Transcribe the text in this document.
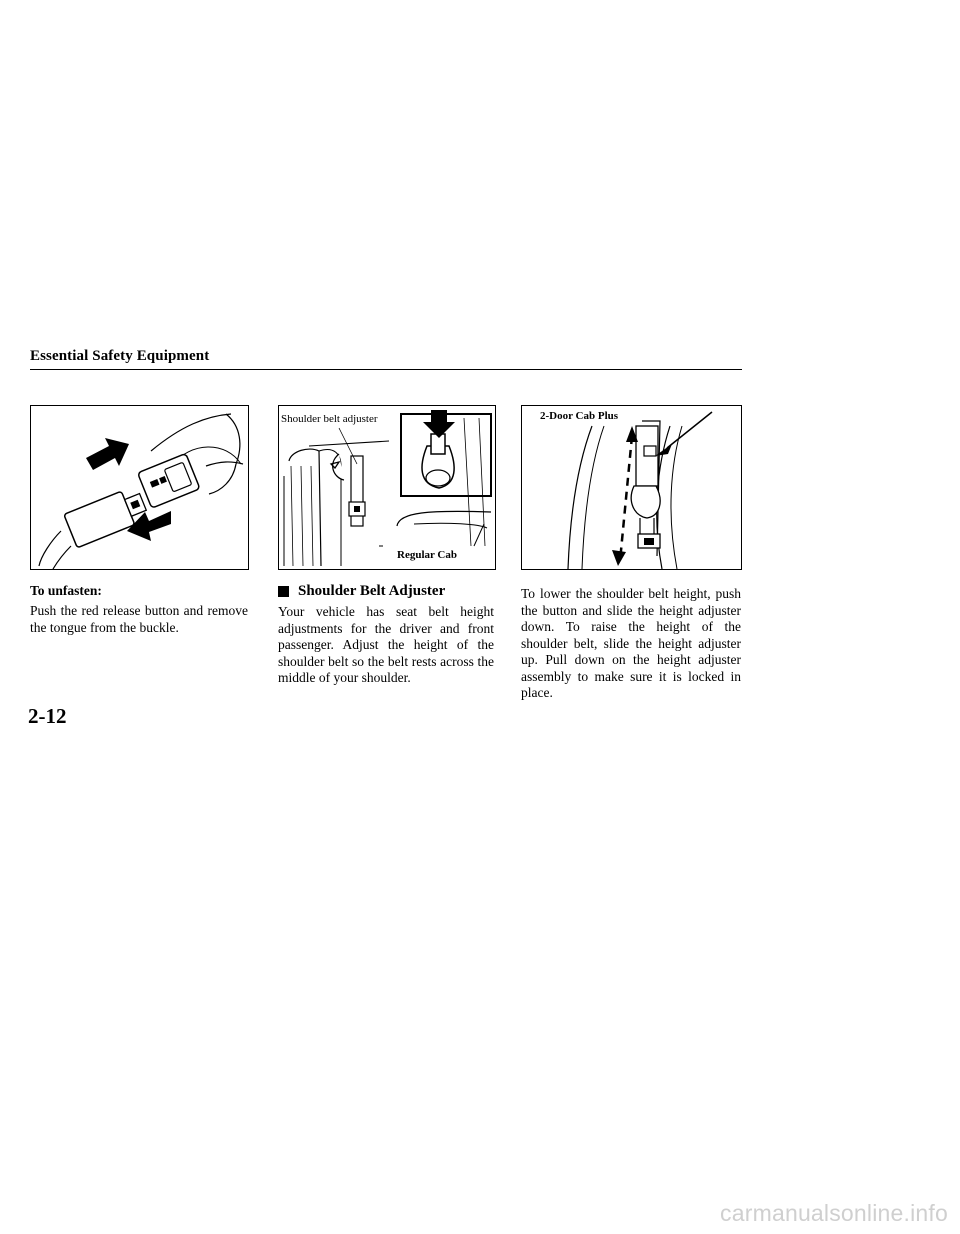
Essential Safety Equipment
Shoulder belt adjuster
Regular Cab
2-Door Cab Plus
To unfasten:
Push the red release button and remove the tongue from the buckle.
Shoulder Belt Adjuster
Your vehicle has seat belt height adjustments for the driver and front passenger. Adjust the height of the shoulder belt so the belt rests across the middle of your shoulder.
To lower the shoulder belt height, push the button and slide the height adjuster down. To raise the height of the shoulder belt, slide the height adjuster up. Pull down on the height adjuster assembly to make sure it is locked in place.
2-12
carmanualsonline.info
